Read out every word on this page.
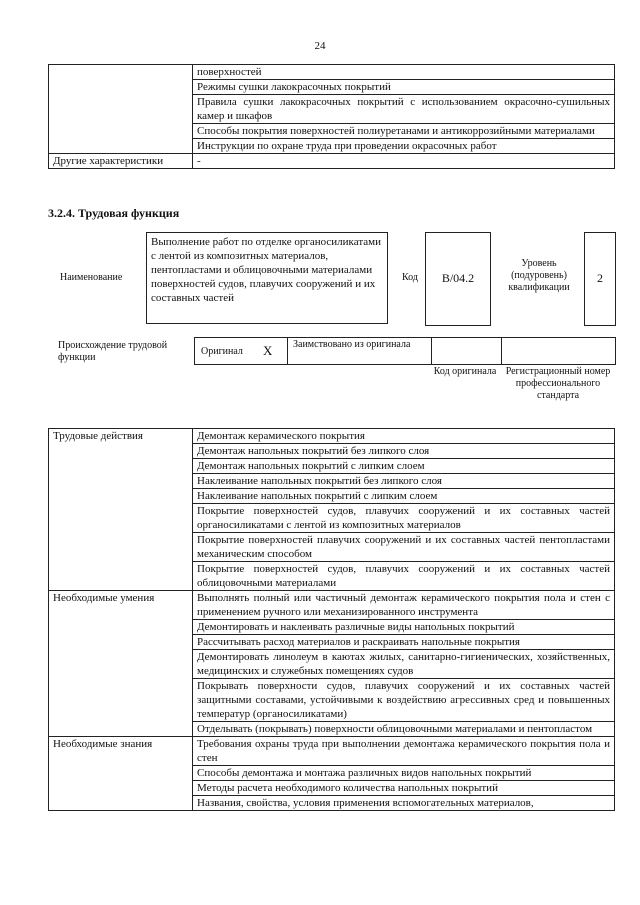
24
	поверхностей
	Режимы сушки лакокрасочных покрытий
	Правила сушки лакокрасочных покрытий с использованием окрасочно-сушильных камер и шкафов
	Способы покрытия поверхностей полиуретанами и антикоррозийными материалами
	Инструкции по охране труда при проведении окрасочных работ
Другие характеристики	-
3.2.4. Трудовая функция
Наименование
Выполнение работ по отделке органосиликатами с лентой из композитных материалов, пентопластами и облицовочными материалами поверхностей судов, плавучих сооружений и их составных частей
Код	B/04.2
Уровень (подуровень) квалификации
2
Происхождение трудовой функции
Оригинал X Заимствовано из оригинала
Код оригинала Регистрационный номер профессионального стандарта
Трудовые действия	Демонтаж керамического покрытия
	Демонтаж напольных покрытий без липкого слоя
	Демонтаж напольных покрытий с липким слоем
	Наклеивание напольных покрытий без липкого слоя
	Наклеивание напольных покрытий с липким слоем
	Покрытие поверхностей судов, плавучих сооружений и их составных частей органосиликатами с лентой из композитных материалов
	Покрытие поверхностей плавучих сооружений и их составных частей пентопластами механическим способом
	Покрытие поверхностей судов, плавучих сооружений и их составных частей облицовочными материалами
Необходимые умения	Выполнять полный или частичный демонтаж керамического покрытия пола и стен с применением ручного или механизированного инструмента
	Демонтировать и наклеивать различные виды напольных покрытий
	Рассчитывать расход материалов и раскраивать напольные покрытия
	Демонтировать линолеум в каютах жилых, санитарно-гигиенических, хозяйственных, медицинских и служебных помещениях судов
	Покрывать поверхности судов, плавучих сооружений и их составных частей защитными составами, устойчивыми к воздействию агрессивных сред и повышенных температур (органосиликатами)
	Отделывать (покрывать) поверхности облицовочными материалами и пентопластом
Необходимые знания	Требования охраны труда при выполнении демонтажа керамического покрытия пола и стен
	Способы демонтажа и монтажа различных видов напольных покрытий
	Методы расчета необходимого количества напольных покрытий
	Названия, свойства, условия применения вспомогательных материалов,
